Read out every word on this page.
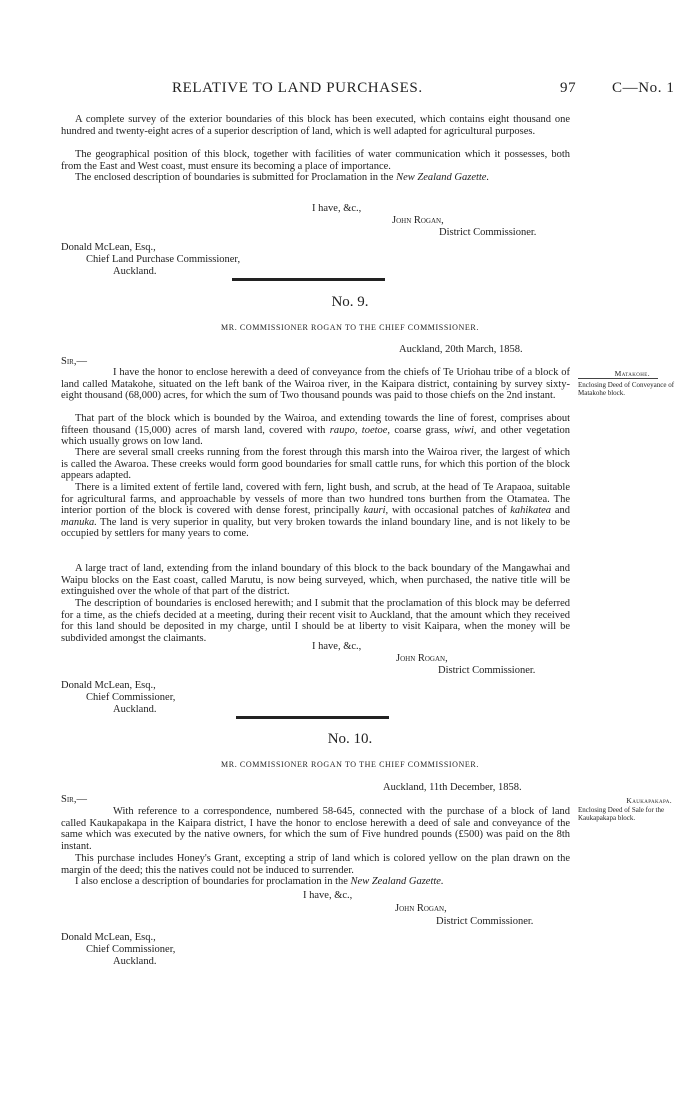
RELATIVE TO LAND PURCHASES.	97 C—No. 1

A complete survey of the exterior boundaries of this block has been executed, which contains eight thousand one hundred and twenty-eight acres of a superior description of land, which is well adapted for agricultural purposes.

The geographical position of this block, together with facilities of water communication which it possesses, both from the East and West coast, must ensure its becoming a place of importance.

The enclosed description of boundaries is submitted for Proclamation in the New Zealand Gazette.

I have, &c.,
John Rogan,
District Commissioner.
Donald McLean, Esq.,
Chief Land Purchase Commissioner,
Auckland.
No. 9.
MR. COMMISSIONER ROGAN TO THE CHIEF COMMISSIONER.
Auckland, 20th March, 1858.
Sir,—
Matakohe.
Enclosing Deed of Conveyance of Matakohe block.

I have the honor to enclose herewith a deed of conveyance from the chiefs of Te Uriohau tribe of a block of land called Matakohe, situated on the left bank of the Wairoa river, in the Kaipara district, containing by survey sixty-eight thousand (68,000) acres, for which the sum of Two thousand pounds was paid to those chiefs on the 2nd instant.

That part of the block which is bounded by the Wairoa, and extending towards the line of forest, comprises about fifteen thousand (15,000) acres of marsh land, covered with raupo, toetoe, coarse grass, wiwi, and other vegetation which usually grows on low land.

There are several small creeks running from the forest through this marsh into the Wairoa river, the largest of which is called the Awaroa. These creeks would form good boundaries for small cattle runs, for which this portion of the block appears adapted.

There is a limited extent of fertile land, covered with fern, light bush, and scrub, at the head of Te Arapaoa, suitable for agricultural farms, and approachable by vessels of more than two hundred tons burthen from the Otamatea. The interior portion of the block is covered with dense forest, principally kauri, with occasional patches of kahikatea and manuka. The land is very superior in quality, but very broken towards the inland boundary line, and is not likely to be occupied by settlers for many years to come.

A large tract of land, extending from the inland boundary of this block to the back boundary of the Mangawhai and Waipu blocks on the East coast, called Marutu, is now being surveyed, which, when purchased, the native title will be extinguished over the whole of that part of the district.

The description of boundaries is enclosed herewith; and I submit that the proclamation of this block may be deferred for a time, as the chiefs decided at a meeting, during their recent visit to Auckland, that the amount which they received for this land should be deposited in my charge, until I should be at liberty to visit Kaipara, when the money will be subdivided amongst the claimants.

I have, &c.,
John Rogan,
District Commissioner.
Donald McLean, Esq.,
Chief Commissioner,
Auckland.
No. 10.
MR. COMMISSIONER ROGAN TO THE CHIEF COMMISSIONER.
Auckland, 11th December, 1858.
Sir,—	Kaukapakapa.
Enclosing Deed of Sale for the Kaukapakapa block.

With reference to a correspondence, numbered 58-645, connected with the purchase of a block of land called Kaukapakapa in the Kaipara district, I have the honor to enclose herewith a deed of sale and conveyance of the same which was executed by the native owners, for which the sum of Five hundred pounds (£500) was paid on the 8th instant.

This purchase includes Honey's Grant, excepting a strip of land which is colored yellow on the plan drawn on the margin of the deed; this the natives could not be induced to surrender.

I also enclose a description of boundaries for proclamation in the New Zealand Gazette.

I have, &c.,
John Rogan,
District Commissioner.
Donald McLean, Esq.,
Chief Commissioner,
Auckland.
